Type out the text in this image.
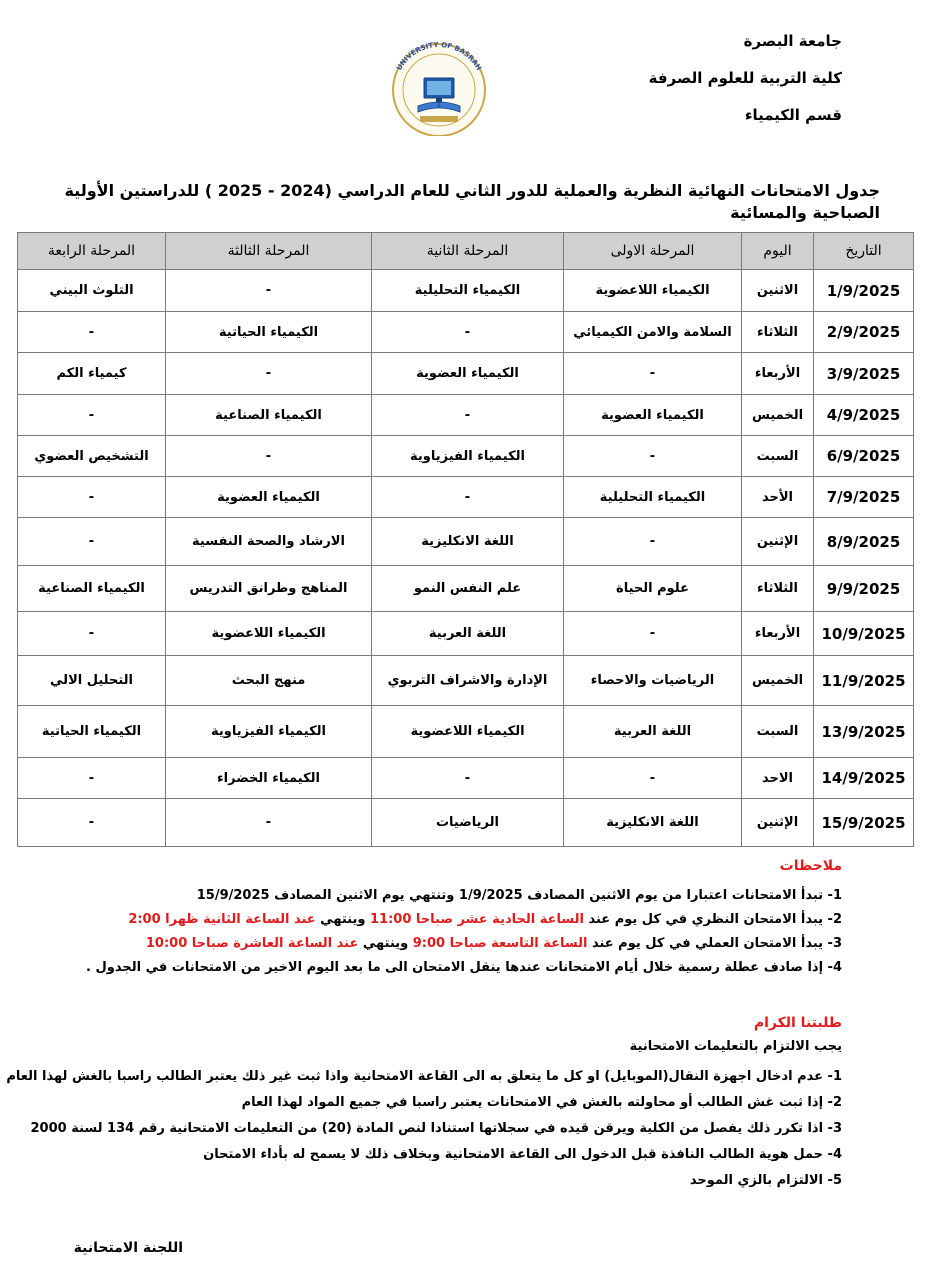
جامعة البصرة
كلية التربية للعلوم الصرفة
قسم الكيمياء
UNIVERSITY OF BASRAH
جدول الامتحانات النهائية النظرية والعملية للدور الثاني للعام الدراسي (2024 - 2025 ) للدراستين الأولية الصباحية والمسائية
التاريخ	اليوم	المرحلة الاولى	المرحلة الثانية	المرحلة الثالثة	المرحلة الرابعة
1/9/2025	الاثنين	الكيمياء اللاعضوية	الكيمياء التحليلية	-	التلوث البيني
2/9/2025	الثلاثاء	السلامة والامن الكيميائي	-	الكيمياء الحياتية	-
3/9/2025	الأربعاء	-	الكيمياء العضوية	-	كيمياء الكم
4/9/2025	الخميس	الكيمياء العضوية	-	الكيمياء الصناعية	-
6/9/2025	السبت	-	الكيمياء الفيزياوية	-	التشخيص العضوي
7/9/2025	الأحد	الكيمياء التحليلية	-	الكيمياء العضوية	-
8/9/2025	الإثنين	-	اللغة الانكليزية	الارشاد والصحة النفسية	-
9/9/2025	الثلاثاء	علوم الحياة	علم النفس النمو	المناهج وطرانق التدريس	الكيمياء الصناعية
10/9/2025	الأربعاء	-	اللغة العربية	الكيمياء اللاعضوية	-
11/9/2025	الخميس	الرياضيات والاحصاء	الإدارة والاشراف التربوي	منهج البحث	التحليل الالي
13/9/2025	السبت	اللغة العربية	الكيمياء اللاعضوية	الكيمياء الفيزياوية	الكيمياء الحياتية
14/9/2025	الاحد	-	-	الكيمياء الخضراء	-
15/9/2025	الإثنين	اللغة الانكليزية	الرياضيات	-	-
ملاحظات
1- تبدأ الامتحانات اعتبارا من يوم الاثنين المصادف 1/9/2025 وتنتهي يوم الاثنين المصادف 15/9/2025
2- يبدأ الامتحان النظري في كل يوم عند الساعة الحادية عشر صباحا 11:00 وينتهي عند الساعة الثانية ظهرا 2:00
3- يبدأ الامتحان العملي في كل يوم عند الساعة التاسعة صباحا 9:00 وينتهي عند الساعة العاشرة صباحا 10:00
4- إذا صادف عطلة رسمية خلال أيام الامتحانات عندها ينقل الامتحان الى ما بعد اليوم الاخير من الامتحانات في الجدول .
طلبتنا الكرام
يجب الالتزام بالتعليمات الامتحانية
1- عدم ادخال اجهزة النقال(الموبايل) او كل ما يتعلق به الى القاعة الامتحانية واذا ثبت غير ذلك يعتبر الطالب راسبا بالغش لهذا العام
2- إذا ثبت غش الطالب أو محاولته بالغش في الامتحانات يعتبر راسبا في جميع المواد لهذا العام
3- اذا تكرر ذلك يفصل من الكلية ويرقن قيده في سجلاتها استنادا لنص المادة (20) من التعليمات الامتحانية رقم 134 لسنة 2000
4- حمل هوية الطالب النافذة قبل الدخول الى القاعة الامتحانية وبخلاف ذلك لا يسمح له بأداء الامتحان
5- الالتزام بالزي الموحد
اللجنة الامتحانية
